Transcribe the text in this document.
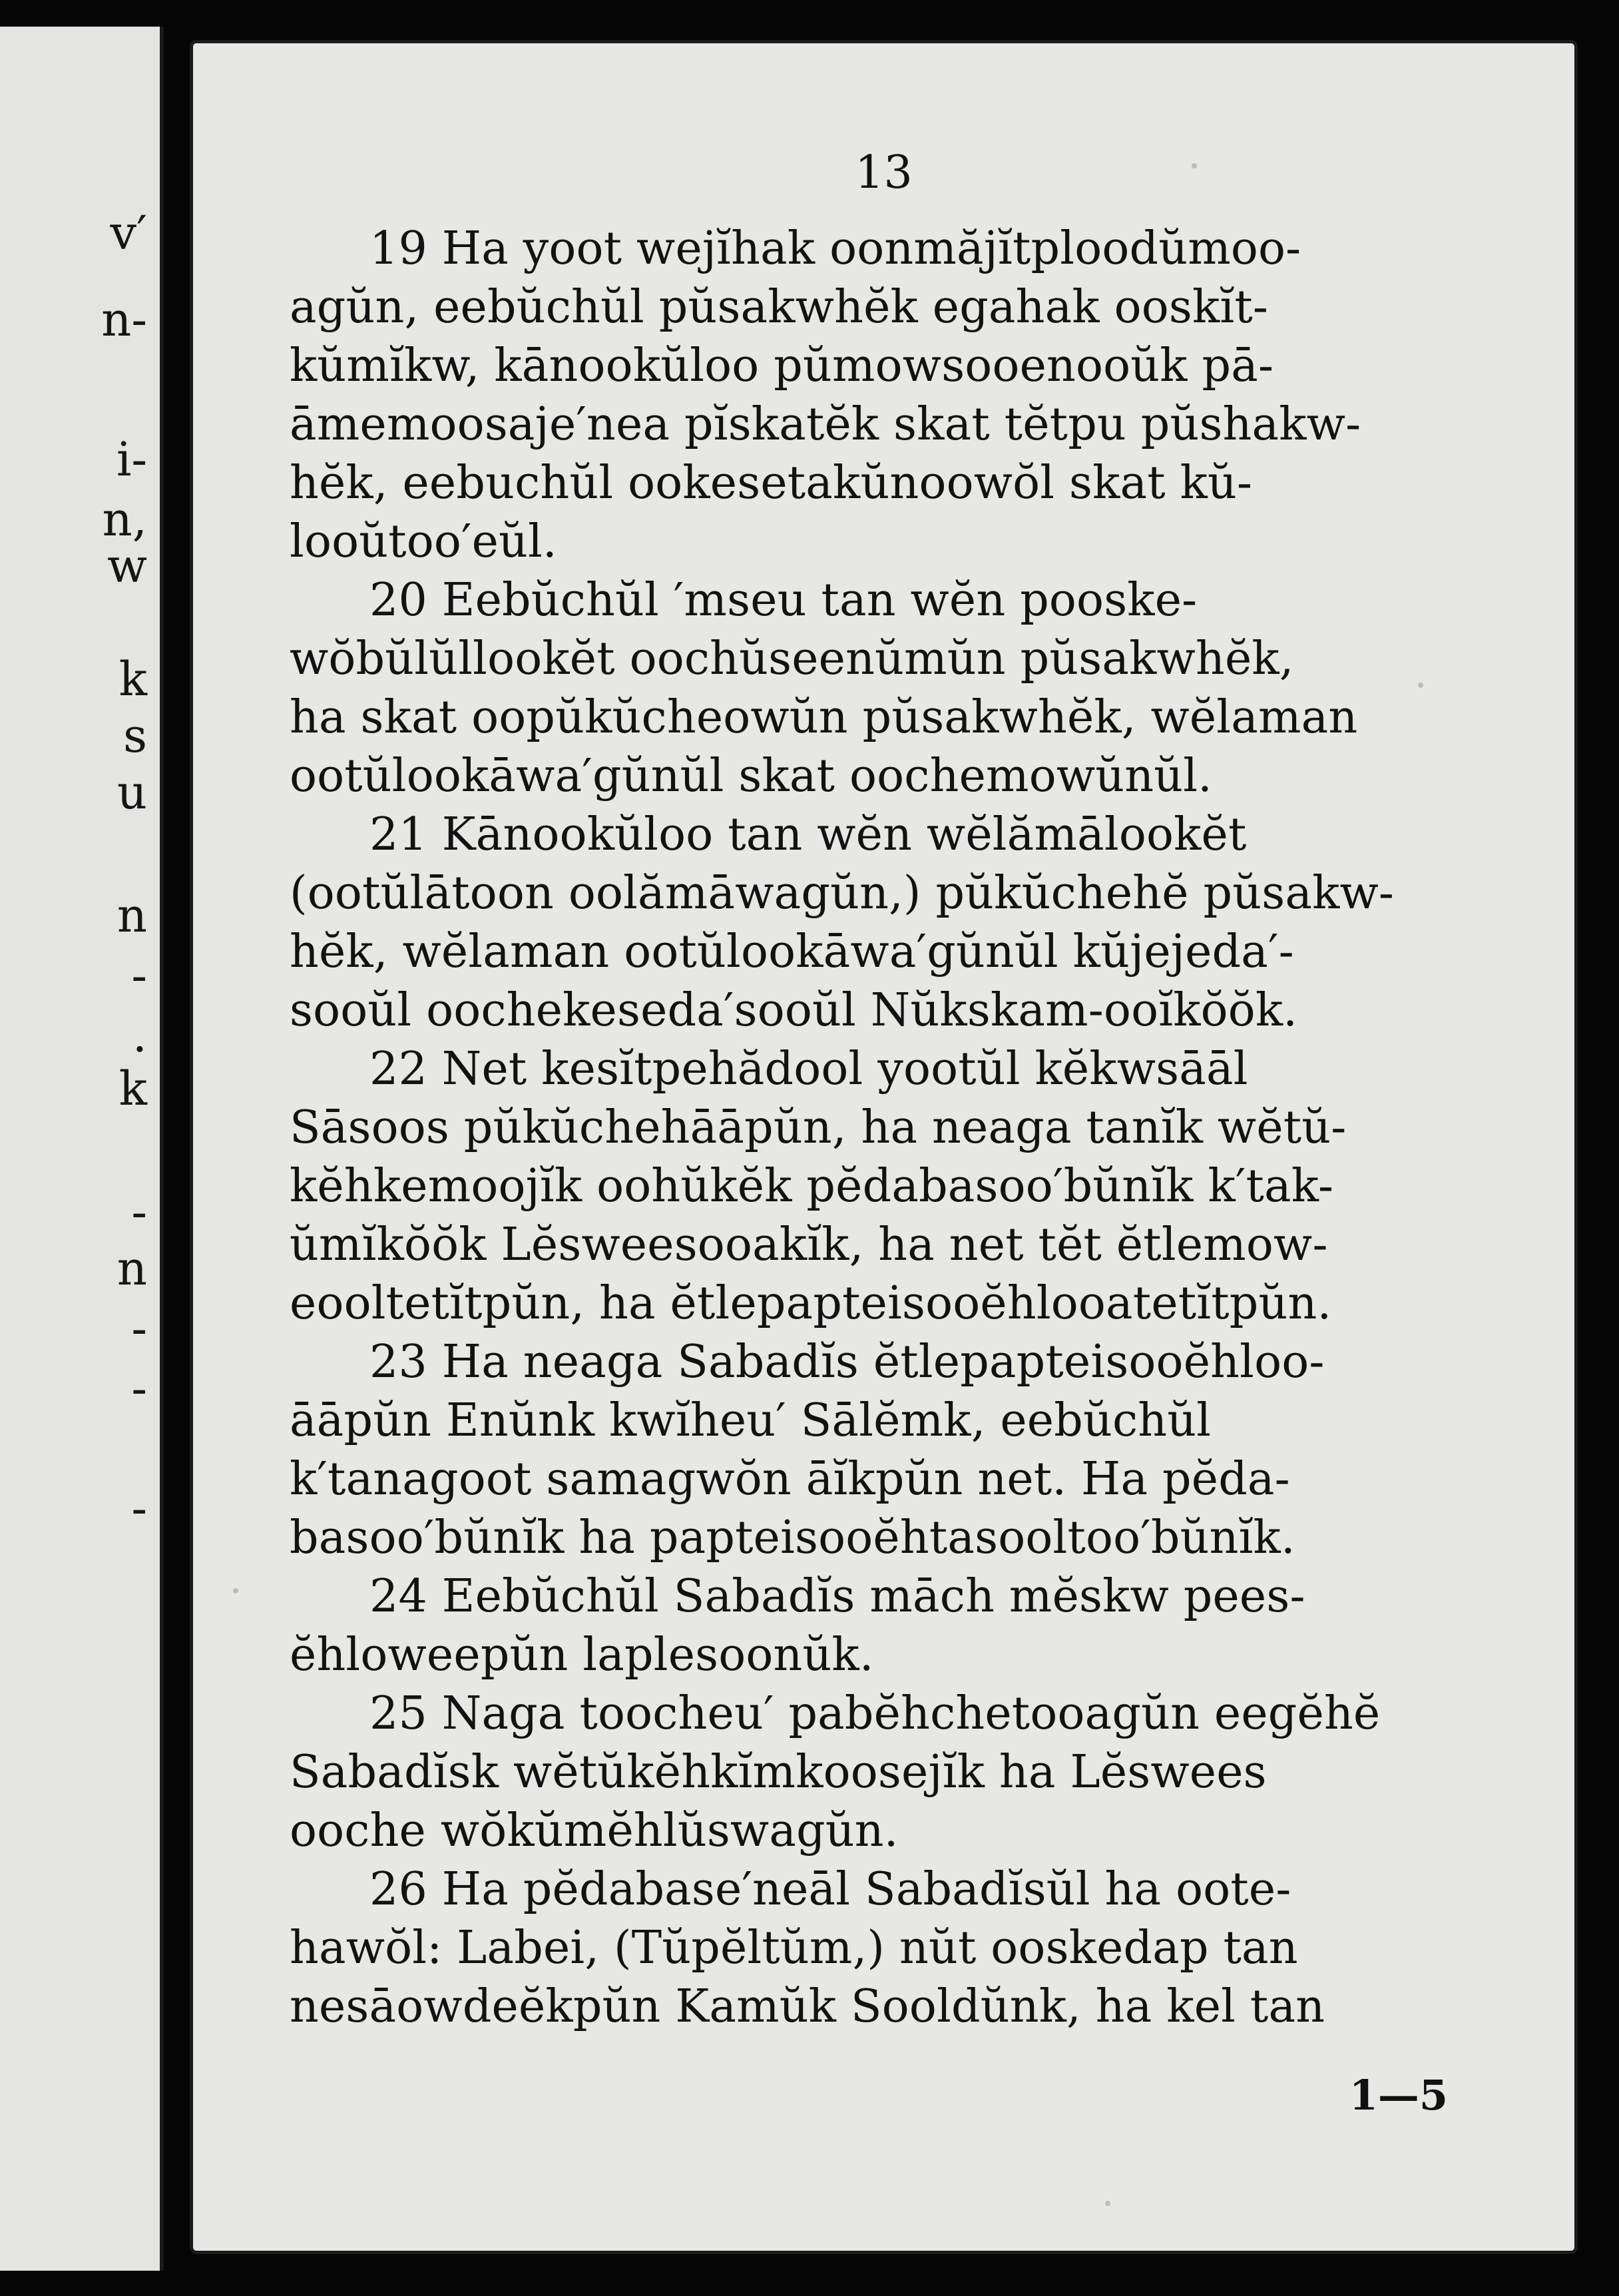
v′
n-
i-
n,
w
k
s
u
n
-
.
k
-
n
-
-
-
13
19 Ha yoot wejĭhak oonmăjĭtploodŭmoo-
agŭn, eebŭchŭl pŭsakwhĕk egahak ooskĭt-
kŭmĭkw, kānookŭloo pŭmowsooenooŭk pā-
āmemoosaje′nea pĭskatĕk skat tĕtpu pŭshakw-
hĕk, eebuchŭl ookesetakŭnoowŏl skat kŭ-
looŭtoo′eŭl.
20 Eebŭchŭl ′mseu tan wĕn pooske-
wŏbŭlŭllookĕt oochŭseenŭmŭn pŭsakwhĕk,
ha skat oopŭkŭcheowŭn pŭsakwhĕk, wĕlaman
ootŭlookāwa′gŭnŭl skat oochemowŭnŭl.
21 Kānookŭloo tan wĕn wĕlămālookĕt
(ootŭlātoon oolămāwagŭn,) pŭkŭchehĕ pŭsakw-
hĕk, wĕlaman ootŭlookāwa′gŭnŭl kŭjejeda′-
sooŭl oochekeseda′sooŭl Nŭkskam-ooĭkŏŏk.
22 Net kesĭtpehădool yootŭl kĕkwsāāl
Sāsoos pŭkŭchehāāpŭn, ha neaga tanĭk wĕtŭ-
kĕhkemoojĭk oohŭkĕk pĕdabasoo′bŭnĭk k′tak-
ŭmĭkŏŏk Lĕsweesooakĭk, ha net tĕt ĕtlemow-
eooltetĭtpŭn, ha ĕtlepapteisooĕhlooatetĭtpŭn.
23 Ha neaga Sabadĭs ĕtlepapteisooĕhloo-
āāpŭn Enŭnk kwĭheu′ Sālĕmk, eebŭchŭl
k′tanagoot samagwŏn āĭkpŭn net. Ha pĕda-
basoo′bŭnĭk ha papteisooĕhtasooltoo′bŭnĭk.
24 Eebŭchŭl Sabadĭs māch mĕskw pees-
ĕhloweepŭn laplesoonŭk.
25 Naga toocheu′ pabĕhchetooagŭn eegĕhĕ
Sabadĭsk wĕtŭkĕhkĭmkoosejĭk ha Lĕswees
ooche wŏkŭmĕhlŭswagŭn.
26 Ha pĕdabase′neāl Sabadĭsŭl ha oote-
hawŏl: Labei, (Tŭpĕltŭm,) nŭt ooskedap tan
nesāowdeĕkpŭn Kamŭk Sooldŭnk, ha kel tan
1—5
